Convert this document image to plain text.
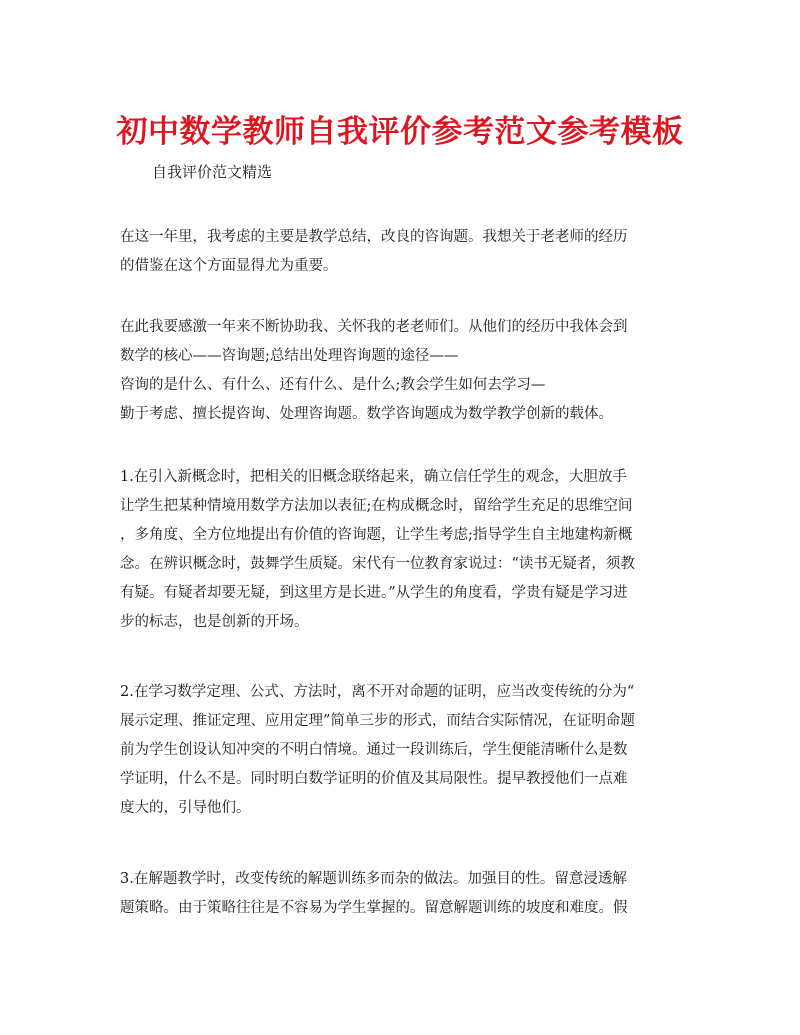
初中数学教师自我评价参考范文参考模板
自我评价范文精选
在这一年里，我考虑的主要是教学总结，改良的咨询题。我想关于老老师的经历
的借鉴在这个方面显得尤为重要。
在此我要感激一年来不断协助我、关怀我的老老师们。从他们的经历中我体会到
数学的核心——咨询题;总结出处理咨询题的途径——
咨询的是什么、有什么、还有什么、是什么;教会学生如何去学习—
勤于考虑、擅长提咨询、处理咨询题。数学咨询题成为数学教学创新的载体。
1.在引入新概念时，把相关的旧概念联络起来，确立信任学生的观念，大胆放手
让学生把某种情境用数学方法加以表征;在构成概念时，留给学生充足的思维空间
，多角度、全方位地提出有价值的咨询题，让学生考虑;指导学生自主地建构新概
念。在辨识概念时，鼓舞学生质疑。宋代有一位教育家说过：“读书无疑者，须教
有疑。有疑者却要无疑，到这里方是长进。”从学生的角度看，学贵有疑是学习进
步的标志，也是创新的开场。
2.在学习数学定理、公式、方法时，离不开对命题的证明，应当改变传统的分为“
展示定理、推证定理、应用定理”简单三步的形式，而结合实际情况，在证明命题
前为学生创设认知冲突的不明白情境。通过一段训练后，学生便能清晰什么是数
学证明，什么不是。同时明白数学证明的价值及其局限性。提早教授他们一点难
度大的，引导他们。
3.在解题教学时，改变传统的解题训练多而杂的做法。加强目的性。留意浸透解
题策略。由于策略往往是不容易为学生掌握的。留意解题训练的坡度和难度。假
